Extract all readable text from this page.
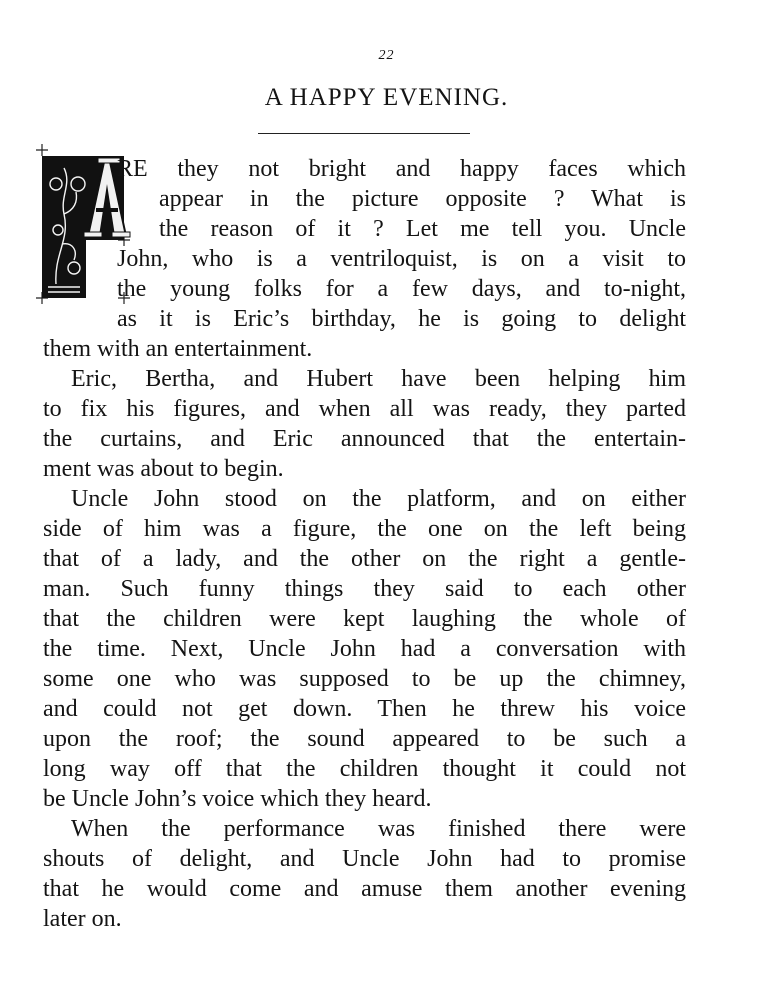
22
A HAPPY EVENING.
A

RE they not bright and happy faces which
appear in the picture opposite ? What is
the reason of it ? Let me tell you. Uncle
John, who is a ventriloquist, is on a visit to
the young folks for a few days, and to-night,
as it is Eric’s birthday, he is going to delight
them with an entertainment.

Eric, Bertha, and Hubert have been helping him
to fix his figures, and when all was ready, they parted
the curtains, and Eric announced that the entertain-
ment was about to begin.

Uncle John stood on the platform, and on either
side of him was a figure, the one on the left being
that of a lady, and the other on the right a gentle-
man. Such funny things they said to each other
that the children were kept laughing the whole of
the time. Next, Uncle John had a conversation with
some one who was supposed to be up the chimney,
and could not get down. Then he threw his voice
upon the roof; the sound appeared to be such a
long way off that the children thought it could not
be Uncle John’s voice which they heard.

When the performance was finished there were
shouts of delight, and Uncle John had to promise
that he would come and amuse them another evening
later on.
